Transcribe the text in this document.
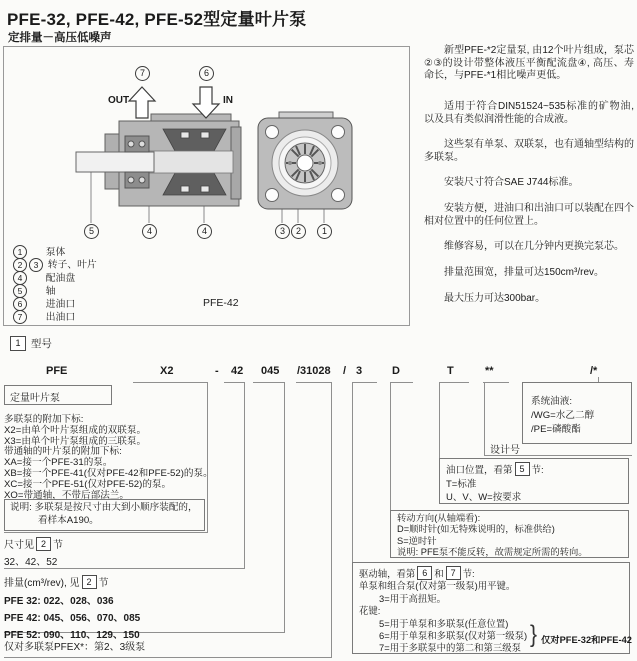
PFE-32, PFE-42, PFE-52型定量叶片泵
定排量－高压低噪声
OUT	IN
7	6
5	4	4	3	2	1
1 泵体
2 3 转子、叶片
4 配油盘
5 轴
6 进油口
7 出油口
PFE-42

新型PFE-*2定量泵, 由12个叶片组成，泵芯②③的设计带整体液压平衡配流盘④, 高压、寿命长，与PFE-*1相比噪声更低。

适用于符合DIN51524~535标准的矿物油, 以及具有类似润滑性能的合成液。

这些泵有单泵、双联泵，也有通轴型结构的多联泵。

安装尺寸符合SAE J744标准。

安装方便，进油口和出油口可以装配在四个相对位置中的任何位置上。

维修容易，可以在几分钟内更换完泵芯。

排量范围宽，排量可达150cm³/rev。

最大压力可达300bar。

1 型号
PFE	X2	- 42 045 /31028 / 3	D	T	**	/*
定量叶片泵
多联泵的附加下标:
X2=由单个叶片泵组成的双联泵。
X3=由单个叶片泵组成的三联泵。
带通轴的叶片泵的附加下标:
XA=接一个PFE-31的泵。
XB=接一个PFE-41(仅对PFE-42和PFE-52)的泵。
XC=接一个PFE-51(仅对PFE-52)的泵。
XO=带通轴，不带后部法兰。
说明: 多联泵是按尺寸由大到小顺序装配的，看样本A190。
尺寸见 2 节
32、42、52
排量(cm³/rev), 见 2 节
PFE 32: 022、028、036
PFE 42: 045、056、070、085
PFE 52: 090、110、129、150
仅对多联泵PFEX*：第2、3级泵
系统油液:
/WG=水乙二醇
/PE=磷酸酯
设计号
油口位置，看第 5 节:
T=标准
U、V、W=按要求
转动方向(从轴端看):
D=顺时针(如无特殊说明的，标准供给)
S=逆时针
说明: PFE泵不能反转，故需规定所需的转向。
驱动轴，看第 6 和 7 节:
单泵和组合泵(仅对第一级泵)用平键。
3=用于高扭矩。
花键:
5=用于单泵和多联泵(任意位置)
6=用于单泵和多联泵(仅对第一级泵)
7=用于多联泵中的第二和第三级泵
} 仅对PFE-32和PFE-42
